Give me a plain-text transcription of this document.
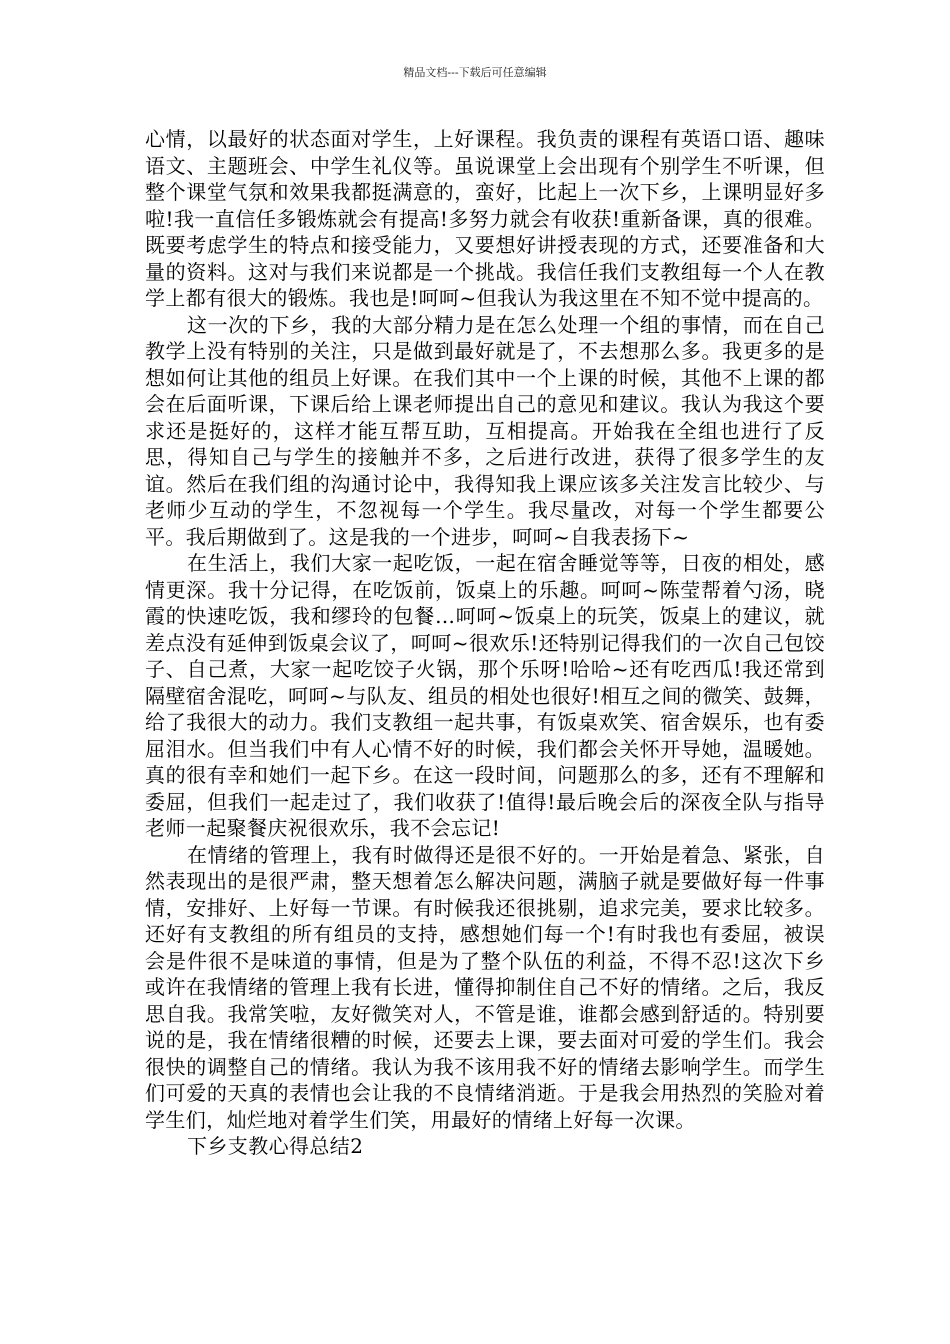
精品文档---下载后可任意编辑

心情，以最好的状态面对学生，上好课程。我负责的课程有英语口语、趣味语文、主题班会、中学生礼仪等。虽说课堂上会出现有个别学生不听课，但整个课堂气氛和效果我都挺满意的，蛮好，比起上一次下乡，上课明显好多啦!我一直信任多锻炼就会有提高!多努力就会有收获!重新备课，真的很难。既要考虑学生的特点和接受能力，又要想好讲授表现的方式，还要准备和大量的资料。这对与我们来说都是一个挑战。我信任我们支教组每一个人在教学上都有很大的锻炼。我也是!呵呵~但我认为我这里在不知不觉中提高的。

这一次的下乡，我的大部分精力是在怎么处理一个组的事情，而在自己教学上没有特别的关注，只是做到最好就是了，不去想那么多。我更多的是想如何让其他的组员上好课。在我们其中一个上课的时候，其他不上课的都会在后面听课，下课后给上课老师提出自己的意见和建议。我认为我这个要求还是挺好的，这样才能互帮互助，互相提高。开始我在全组也进行了反思，得知自己与学生的接触并不多，之后进行改进，获得了很多学生的友谊。然后在我们组的沟通讨论中，我得知我上课应该多关注发言比较少、与老师少互动的学生，不忽视每一个学生。我尽量改，对每一个学生都要公平。我后期做到了。这是我的一个进步，呵呵~自我表扬下~

在生活上，我们大家一起吃饭，一起在宿舍睡觉等等，日夜的相处，感情更深。我十分记得，在吃饭前，饭桌上的乐趣。呵呵~陈莹帮着勺汤，晓霞的快速吃饭，我和缪玲的包餐…呵呵~饭桌上的玩笑，饭桌上的建议，就差点没有延伸到饭桌会议了，呵呵~很欢乐!还特别记得我们的一次自己包饺子、自己煮，大家一起吃饺子火锅，那个乐呀!哈哈~还有吃西瓜!我还常到隔壁宿舍混吃，呵呵~与队友、组员的相处也很好!相互之间的微笑、鼓舞，给了我很大的动力。我们支教组一起共事，有饭桌欢笑、宿舍娱乐，也有委屈泪水。但当我们中有人心情不好的时候，我们都会关怀开导她，温暖她。真的很有幸和她们一起下乡。在这一段时间，问题那么的多，还有不理解和委屈，但我们一起走过了，我们收获了!值得!最后晚会后的深夜全队与指导老师一起聚餐庆祝很欢乐，我不会忘记!

在情绪的管理上，我有时做得还是很不好的。一开始是着急、紧张，自然表现出的是很严肃，整天想着怎么解决问题，满脑子就是要做好每一件事情，安排好、上好每一节课。有时候我还很挑剔，追求完美，要求比较多。还好有支教组的所有组员的支持，感想她们每一个!有时我也有委屈，被误会是件很不是味道的事情，但是为了整个队伍的利益，不得不忍!这次下乡或许在我情绪的管理上我有长进，懂得抑制住自己不好的情绪。之后，我反思自我。我常笑啦，友好微笑对人，不管是谁，谁都会感到舒适的。特别要说的是，我在情绪很糟的时候，还要去上课，要去面对可爱的学生们。我会很快的调整自己的情绪。我认为我不该用我不好的情绪去影响学生。而学生们可爱的天真的表情也会让我的不良情绪消逝。于是我会用热烈的笑脸对着学生们，灿烂地对着学生们笑，用最好的情绪上好每一次课。

下乡支教心得总结2
